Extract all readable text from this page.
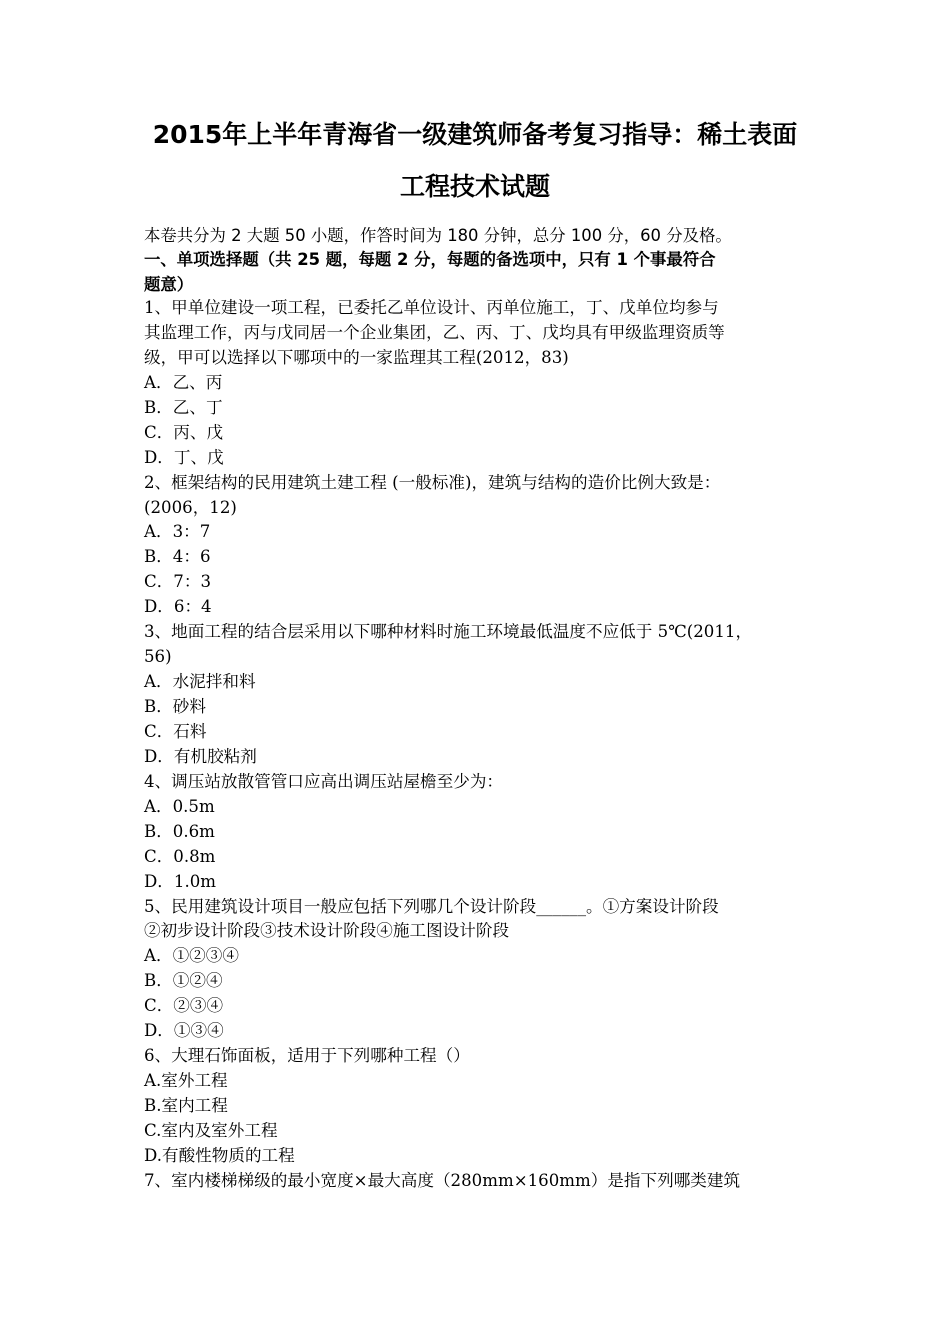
2015年上半年青海省一级建筑师备考复习指导：稀土表面
工程技术试题
本卷共分为 2 大题 50 小题，作答时间为 180 分钟，总分 100 分，60 分及格。
一、单项选择题（共 25 题，每题 2 分，每题的备选项中，只有 1 个事最符合
题意）
1、甲单位建设一项工程，已委托乙单位设计、丙单位施工，丁、戊单位均参与
其监理工作，丙与戊同居一个企业集团，乙、丙、丁、戊均具有甲级监理资质等
级，甲可以选择以下哪项中的一家监理其工程(2012，83)
A．乙、丙
B．乙、丁
C．丙、戊
D．丁、戊
2、框架结构的民用建筑土建工程 (一般标准)，建筑与结构的造价比例大致是：
(2006，12)
A．3：7
B．4：6
C．7：3
D．6：4
3、地面工程的结合层采用以下哪种材料时施工环境最低温度不应低于 5℃(2011，
56)
A．水泥拌和料
B．砂料
C．石料
D．有机胶粘剂
4、调压站放散管管口应高出调压站屋檐至少为：
A．0.5m
B．0.6m
C．0.8m
D．1.0m
5、民用建筑设计项目一般应包括下列哪几个设计阶段______。①方案设计阶段
②初步设计阶段③技术设计阶段④施工图设计阶段
A．①②③④
B．①②④
C．②③④
D．①③④
6、大理石饰面板，适用于下列哪种工程（）
A.室外工程
B.室内工程
C.室内及室外工程
D.有酸性物质的工程
7、室内楼梯梯级的最小宽度×最大高度（280mm×160mm）是指下列哪类建筑
